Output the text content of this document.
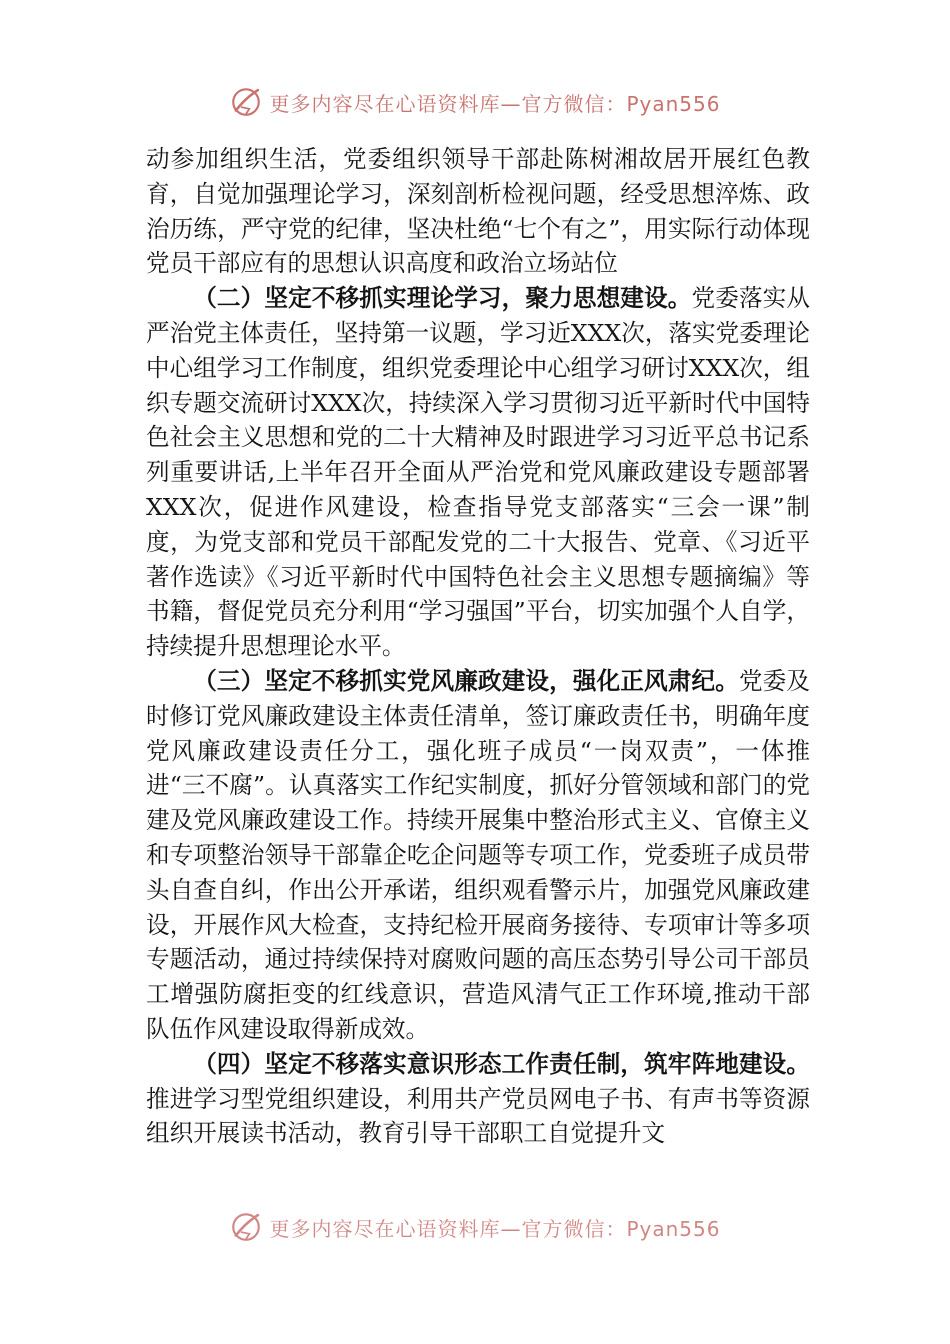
更多内容尽在心语资料库—官方微信：Pyan556

动参加组织生活，党委组织领导干部赴陈树湘故居开展红色教育，自觉加强理论学习，深刻剖析检视问题，经受思想淬炼、政治历练，严守党的纪律，坚决杜绝“七个有之”，用实际行动体现党员干部应有的思想认识高度和政治立场站位

（二）坚定不移抓实理论学习，聚力思想建设。党委落实从严治党主体责任，坚持第一议题，学习近XXX次，落实党委理论中心组学习工作制度，组织党委理论中心组学习研讨XXX次，组织专题交流研讨XXX次，持续深入学习贯彻习近平新时代中国特色社会主义思想和党的二十大精神及时跟进学习习近平总书记系列重要讲话,上半年召开全面从严治党和党风廉政建设专题部署XXX次，促进作风建设，检查指导党支部落实“三会一课”制度，为党支部和党员干部配发党的二十大报告、党章、《习近平著作选读》《习近平新时代中国特色社会主义思想专题摘编》等书籍，督促党员充分利用“学习强国”平台，切实加强个人自学，持续提升思想理论水平。

（三）坚定不移抓实党风廉政建设，强化正风肃纪。党委及时修订党风廉政建设主体责任清单，签订廉政责任书，明确年度党风廉政建设责任分工，强化班子成员“一岗双责”，一体推进“三不腐”。认真落实工作纪实制度，抓好分管领域和部门的党建及党风廉政建设工作。持续开展集中整治形式主义、官僚主义和专项整治领导干部靠企吃企问题等专项工作，党委班子成员带头自查自纠，作出公开承诺，组织观看警示片，加强党风廉政建设，开展作风大检查，支持纪检开展商务接待、专项审计等多项专题活动，通过持续保持对腐败问题的高压态势引导公司干部员工增强防腐拒变的红线意识，营造风清气正工作环境,推动干部队伍作风建设取得新成效。

（四）坚定不移落实意识形态工作责任制，筑牢阵地建设。推进学习型党组织建设，利用共产党员网电子书、有声书等资源组织开展读书活动，教育引导干部职工自觉提升文

更多内容尽在心语资料库—官方微信：Pyan556
